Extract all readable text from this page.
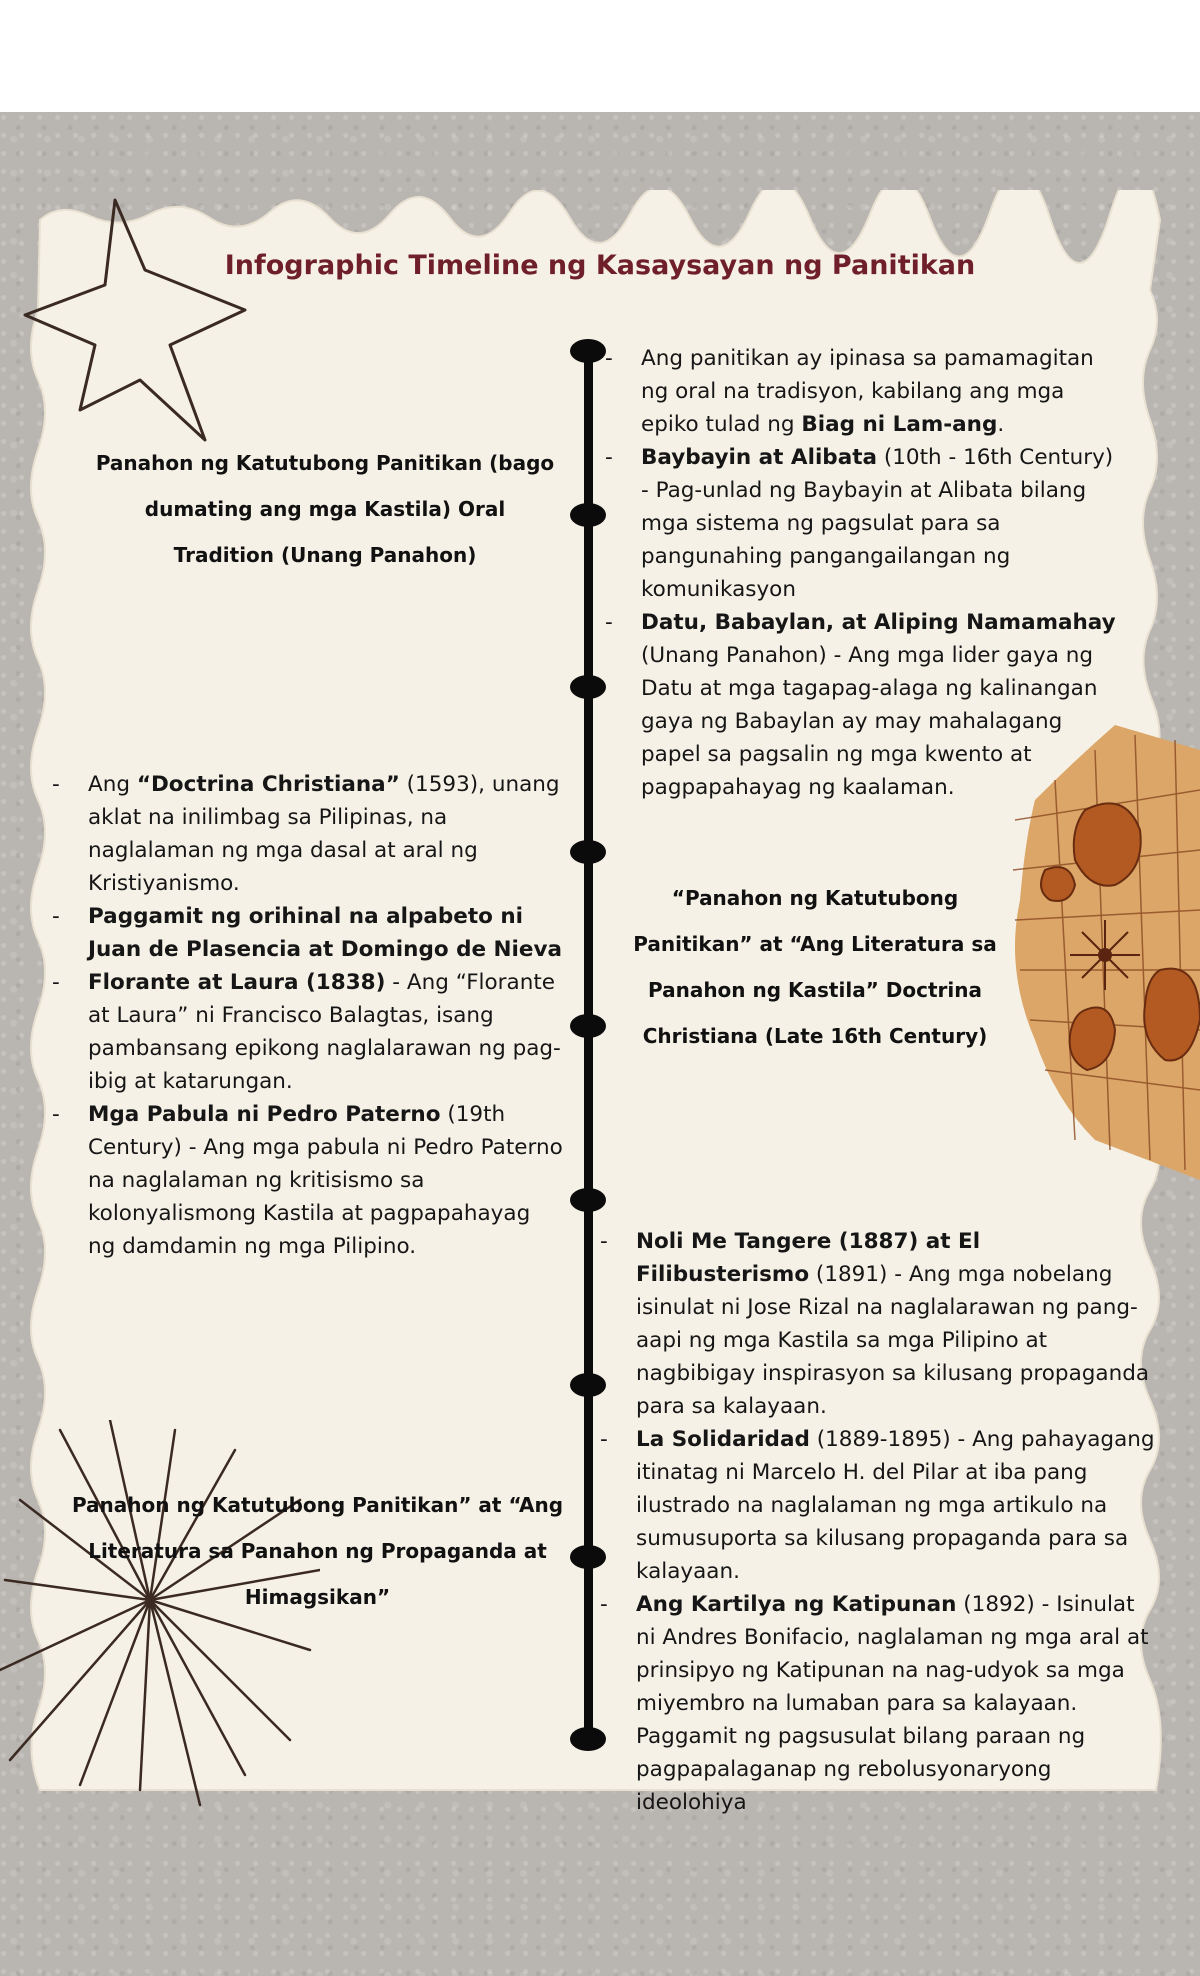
Infographic Timeline ng Kasaysayan ng Panitikan

Panahon ng Katutubong Panitikan (bago dumating ang mga Kastila) Oral Tradition (Unang Panahon)

- Ang panitikan ay ipinasa sa pamamagitan ng oral na tradisyon, kabilang ang mga epiko tulad ng Biag ni Lam-ang.
- Baybayin at Alibata (10th - 16th Century) - Pag-unlad ng Baybayin at Alibata bilang mga sistema ng pagsulat para sa pangunahing pangangailangan ng komunikasyon
- Datu, Babaylan, at Aliping Namamahay (Unang Panahon) - Ang mga lider gaya ng Datu at mga tagapag-alaga ng kalinangan gaya ng Babaylan ay may mahalagang papel sa pagsalin ng mga kwento at pagpapahayag ng kaalaman.
- Ang “Doctrina Christiana” (1593), unang aklat na inilimbag sa Pilipinas, na naglalaman ng mga dasal at aral ng Kristiyanismo.
- Paggamit ng orihinal na alpabeto ni Juan de Plasencia at Domingo de Nieva
- Florante at Laura (1838) - Ang “Florante at Laura” ni Francisco Balagtas, isang pambansang epikong naglalarawan ng pag-ibig at katarungan.
- Mga Pabula ni Pedro Paterno (19th Century) - Ang mga pabula ni Pedro Paterno na naglalaman ng kritisismo sa kolonyalismong Kastila at pagpapahayag ng damdamin ng mga Pilipino.

“Panahon ng Katutubong Panitikan” at “Ang Literatura sa Panahon ng Kastila” Doctrina Christiana (Late 16th Century)

- Noli Me Tangere (1887) at El Filibusterismo (1891) - Ang mga nobelang isinulat ni Jose Rizal na naglalarawan ng pang-aapi ng mga Kastila sa mga Pilipino at nagbibigay inspirasyon sa kilusang propaganda para sa kalayaan.
- La Solidaridad (1889-1895) - Ang pahayagang itinatag ni Marcelo H. del Pilar at iba pang ilustrado na naglalaman ng mga artikulo na sumusuporta sa kilusang propaganda para sa kalayaan.
- Ang Kartilya ng Katipunan (1892) - Isinulat ni Andres Bonifacio, naglalaman ng mga aral at prinsipyo ng Katipunan na nag-udyok sa mga miyembro na lumaban para sa kalayaan. Paggamit ng pagsusulat bilang paraan ng pagpapalaganap ng rebolusyonaryong ideolohiya

Panahon ng Katutubong Panitikan” at “Ang Literatura sa Panahon ng Propaganda at Himagsikan”
